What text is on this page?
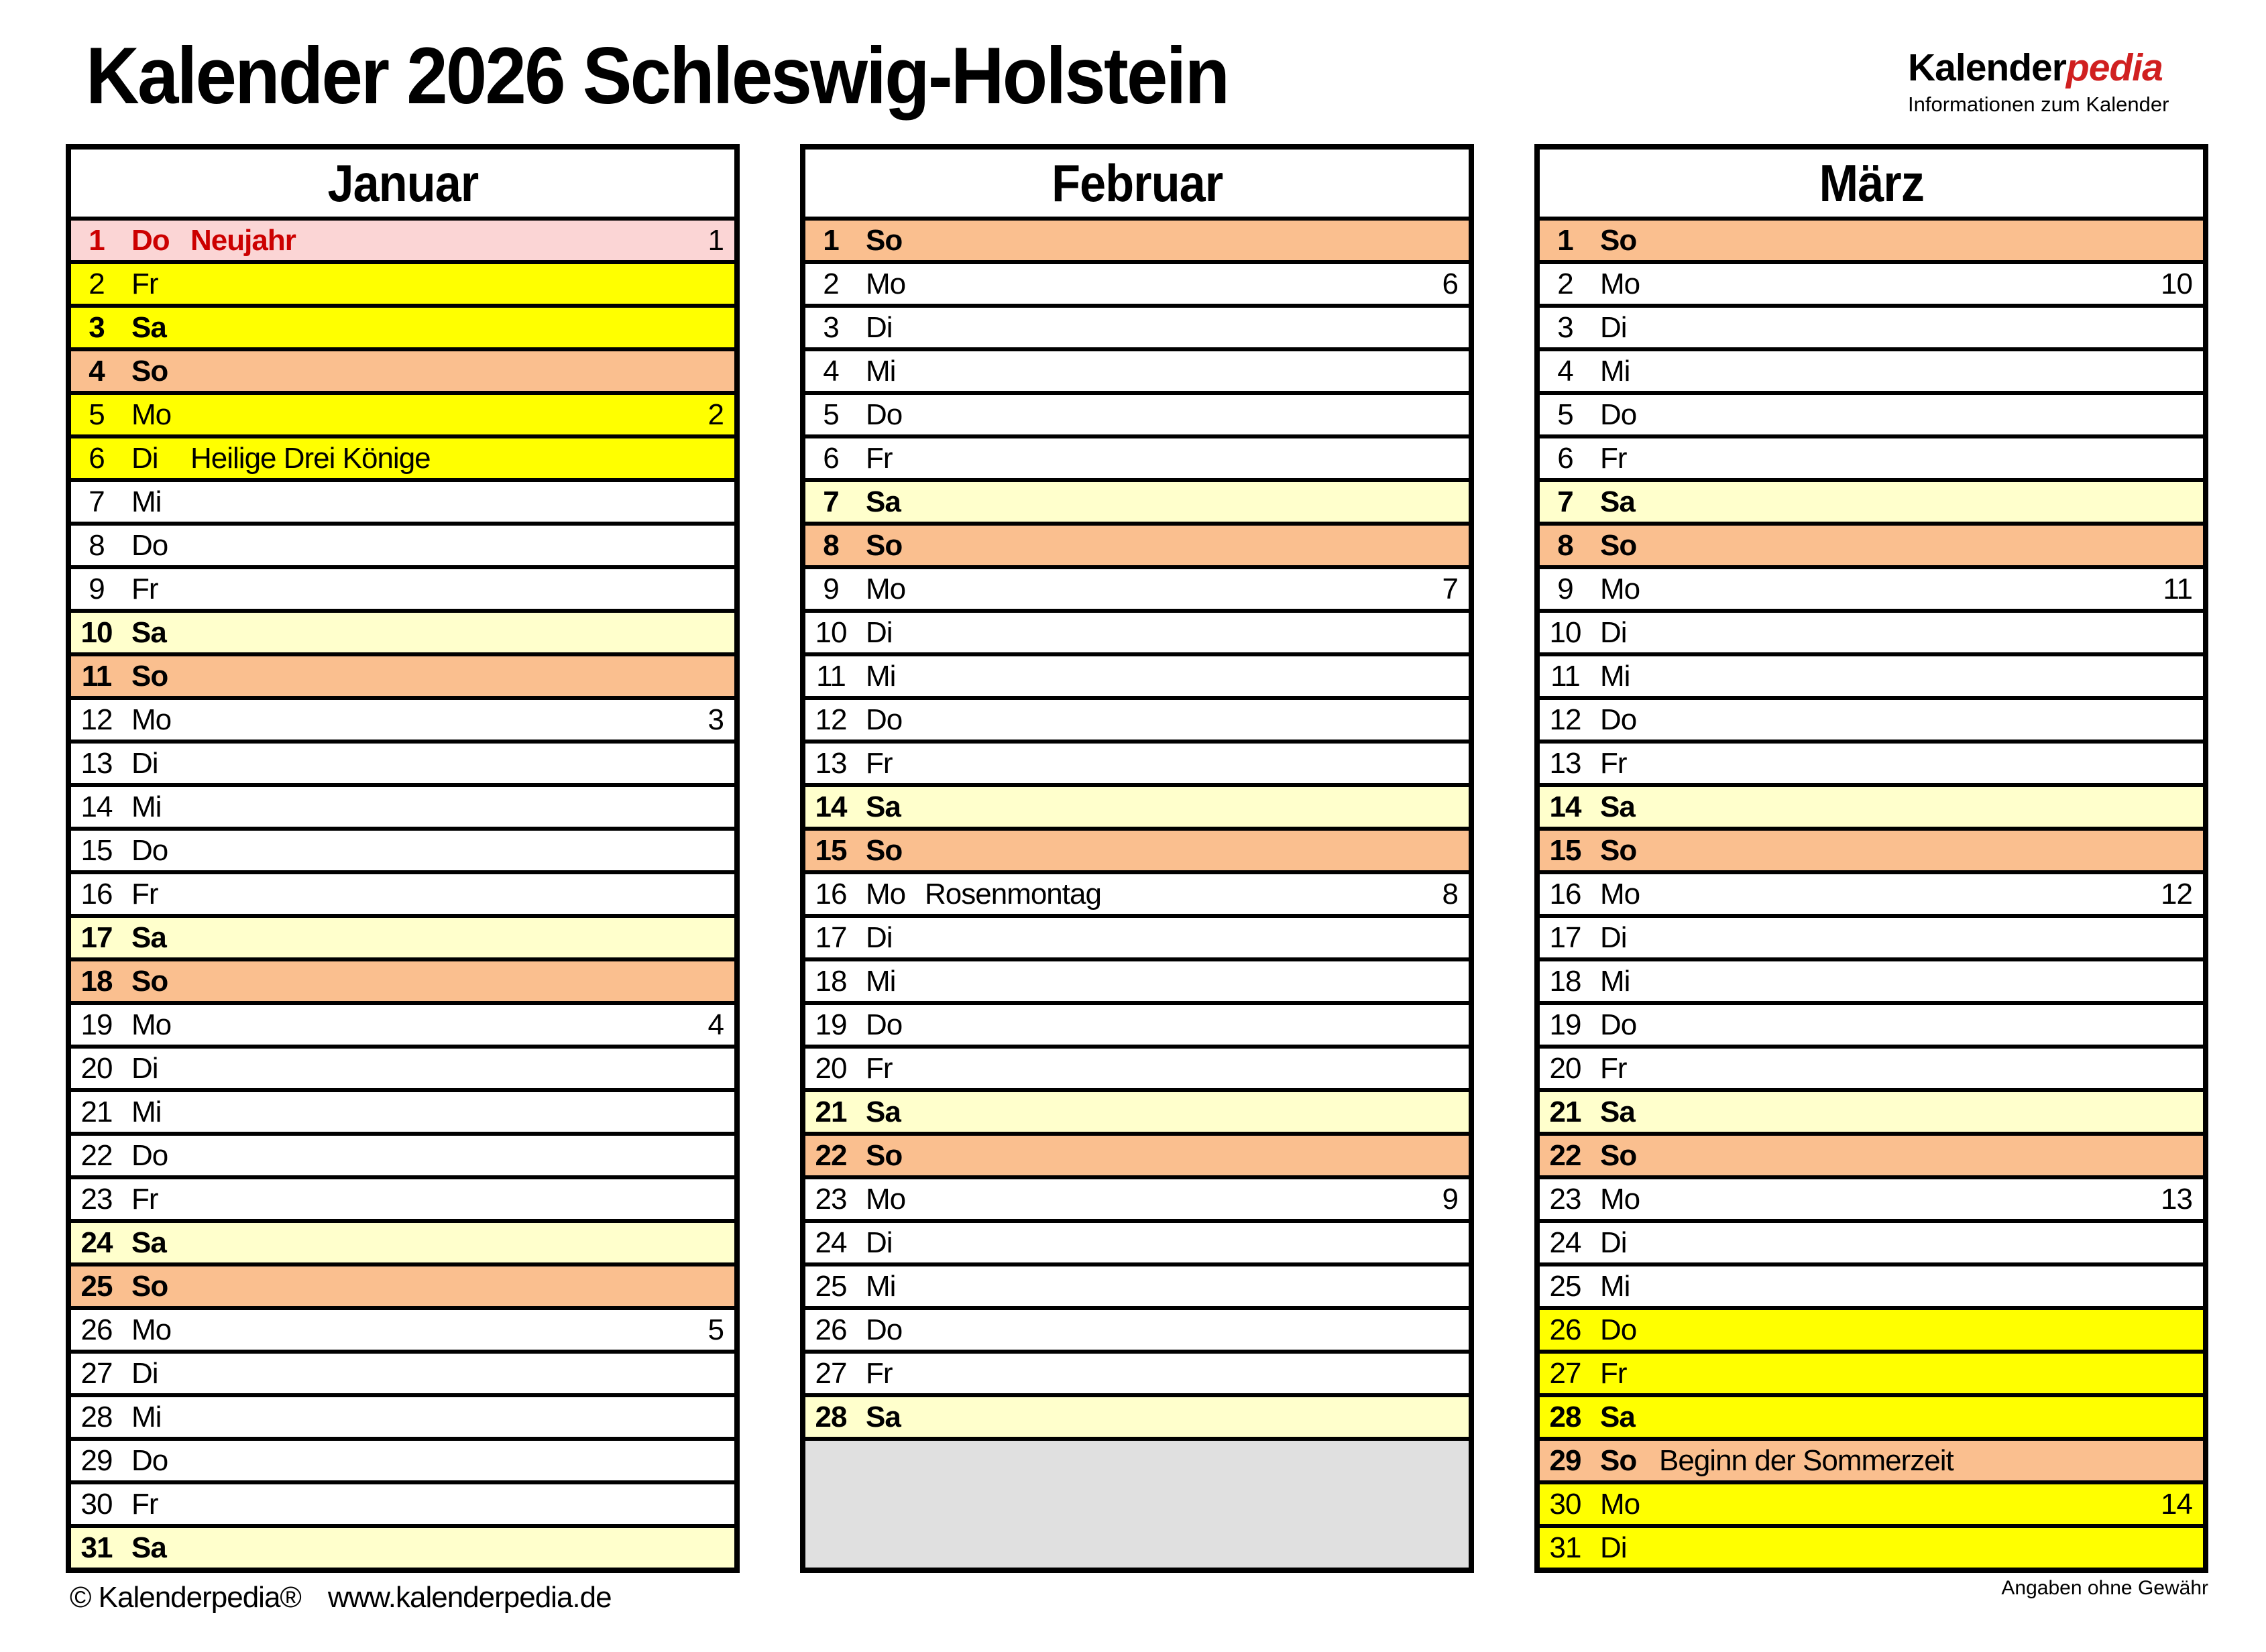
Kalender 2026 Schleswig-Holstein	Kalenderpedia
Informationen zum Kalender
Januar
1 Do Neujahr	1
2 Fr
3 Sa
4 So
5 Mo	2
6 Di	Heilige Drei Könige
7 Mi
8 Do
9 Fr
10 Sa
11 So
12 Mo	3
13 Di
14 Mi
15 Do
16 Fr
17 Sa
18 So
19 Mo	4
20 Di
21 Mi
22 Do
23 Fr
24 Sa
25 So
26 Mo	5
27 Di
28 Mi
29 Do
30 Fr
31 Sa
Februar
1 So
2 Mo	6
3 Di
4 Mi
5 Do
6 Fr
7 Sa
8 So
9 Mo	7
10 Di
11 Mi
12 Do
13 Fr
14 Sa
15 So
16 Mo Rosenmontag	8
17 Di
18 Mi
19 Do
20 Fr
21 Sa
22 So
23 Mo	9
24 Di
25 Mi
26 Do
27 Fr
28 Sa
März
1 So
2 Mo	10
3 Di
4 Mi
5 Do
6 Fr
7 Sa
8 So
9 Mo	11
10 Di
11 Mi
12 Do
13 Fr
14 Sa
15 So
16 Mo	12
17 Di
18 Mi
19 Do
20 Fr
21 Sa
22 So
23 Mo	13
24 Di
25 Mi
26 Do
27 Fr
28 Sa
29 So Beginn der Sommerzeit
30 Mo	14
31 Di
© Kalenderpedia® www.kalenderpedia.de	Angaben ohne Gewähr
